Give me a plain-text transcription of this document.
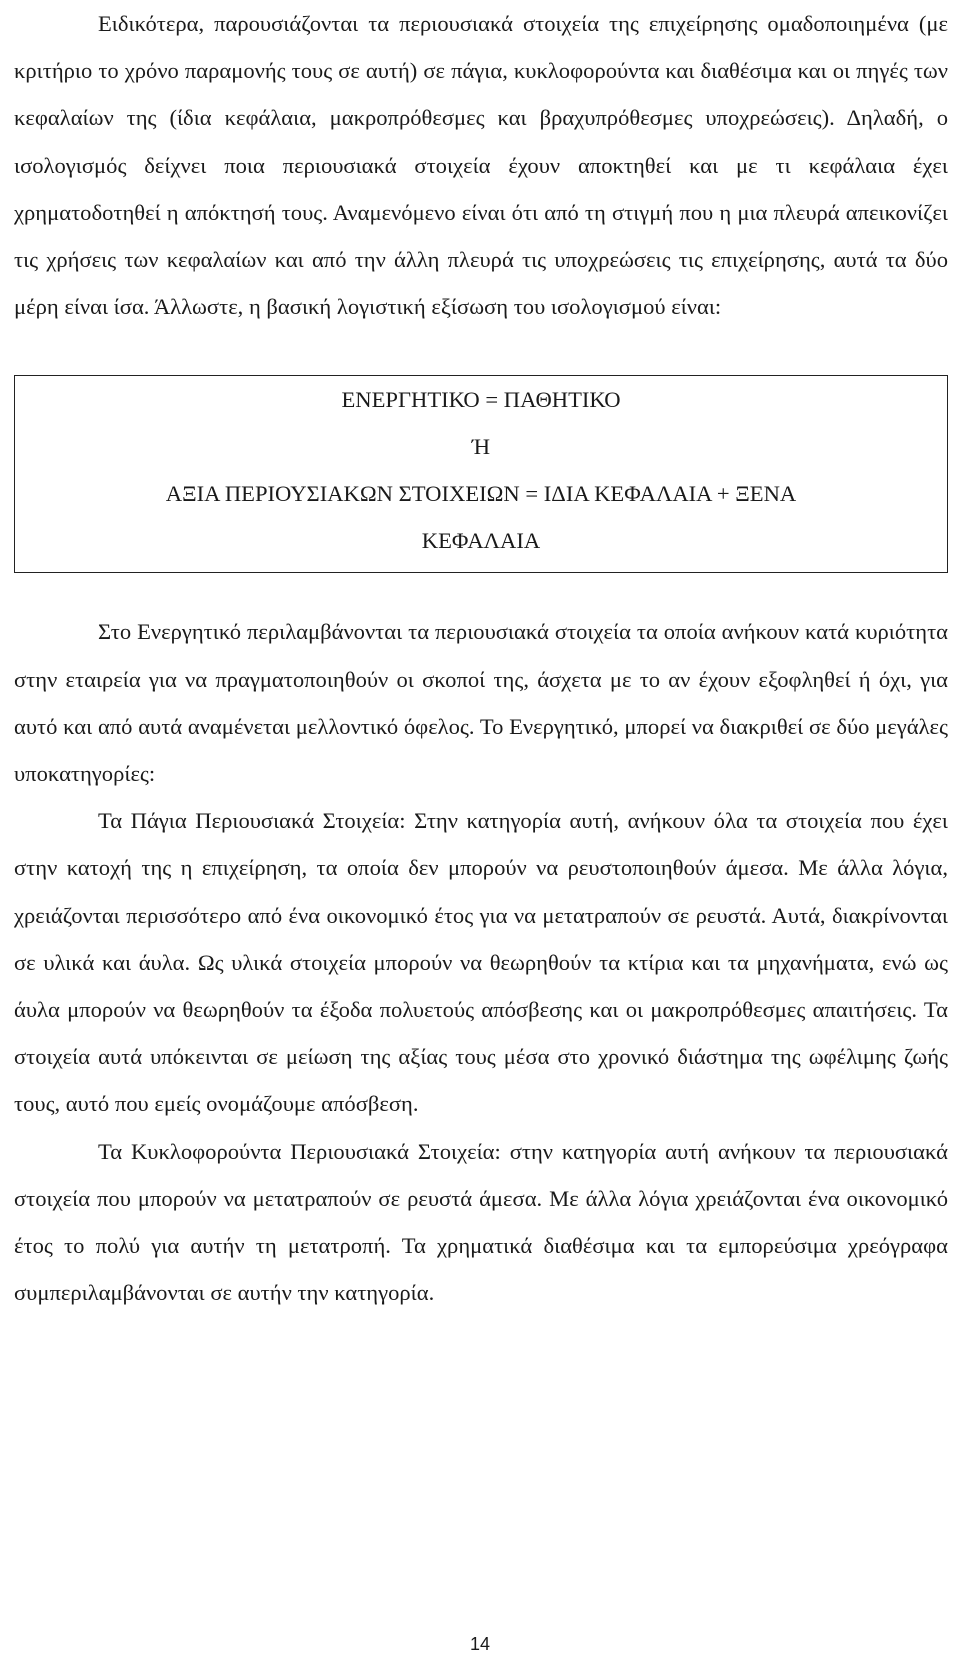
Ειδικότερα, παρουσιάζονται τα περιουσιακά στοιχεία της επιχείρησης ομαδοποιημένα (με κριτήριο το χρόνο παραμονής τους σε αυτή) σε πάγια, κυκλοφορούντα και διαθέσιμα και οι πηγές των κεφαλαίων της (ίδια κεφάλαια, μακροπρόθεσμες και βραχυπρόθεσμες υποχρεώσεις). Δηλαδή, ο ισολογισμός δείχνει ποια περιουσιακά στοιχεία έχουν αποκτηθεί και με τι κεφάλαια έχει χρηματοδοτηθεί η απόκτησή τους. Αναμενόμενο είναι ότι από τη στιγμή που η μια πλευρά απεικονίζει τις χρήσεις των κεφαλαίων και από την άλλη πλευρά τις υποχρεώσεις τις επιχείρησης, αυτά τα δύο μέρη είναι ίσα. Άλλωστε, η βασική λογιστική εξίσωση του ισολογισμού είναι:

ΕΝΕΡΓΗΤΙΚΟ = ΠΑΘΗΤΙΚΟ
Ή
ΑΞΙΑ ΠΕΡΙΟΥΣΙΑΚΩΝ ΣΤΟΙΧΕΙΩΝ = ΙΔΙΑ ΚΕΦΑΛΑΙΑ + ΞΕΝΑ
ΚΕΦΑΛΑΙΑ

Στο Ενεργητικό περιλαμβάνονται τα περιουσιακά στοιχεία τα οποία ανήκουν κατά κυριότητα στην εταιρεία για να πραγματοποιηθούν οι σκοποί της, άσχετα με το αν έχουν εξοφληθεί ή όχι, για αυτό και από αυτά αναμένεται μελλοντικό όφελος. Το Ενεργητικό, μπορεί να διακριθεί σε δύο μεγάλες υποκατηγορίες:

Τα Πάγια Περιουσιακά Στοιχεία: Στην κατηγορία αυτή, ανήκουν όλα τα στοιχεία που έχει στην κατοχή της η επιχείρηση, τα οποία δεν μπορούν να ρευστοποιηθούν άμεσα. Με άλλα λόγια, χρειάζονται περισσότερο από ένα οικονομικό έτος για να μετατραπούν σε ρευστά. Αυτά, διακρίνονται σε υλικά και άυλα. Ως υλικά στοιχεία μπορούν να θεωρηθούν τα κτίρια και τα μηχανήματα, ενώ ως άυλα μπορούν να θεωρηθούν τα έξοδα πολυετούς απόσβεσης και οι μακροπρόθεσμες απαιτήσεις. Τα στοιχεία αυτά υπόκεινται σε μείωση της αξίας τους μέσα στο χρονικό διάστημα της ωφέλιμης ζωής τους, αυτό που εμείς ονομάζουμε απόσβεση.

Τα Κυκλοφορούντα Περιουσιακά Στοιχεία: στην κατηγορία αυτή ανήκουν τα περιουσιακά στοιχεία που μπορούν να μετατραπούν σε ρευστά άμεσα. Με άλλα λόγια χρειάζονται ένα οικονομικό έτος το πολύ για αυτήν τη μετατροπή. Τα χρηματικά διαθέσιμα και τα εμπορεύσιμα χρεόγραφα συμπεριλαμβάνονται σε αυτήν την κατηγορία.

14
